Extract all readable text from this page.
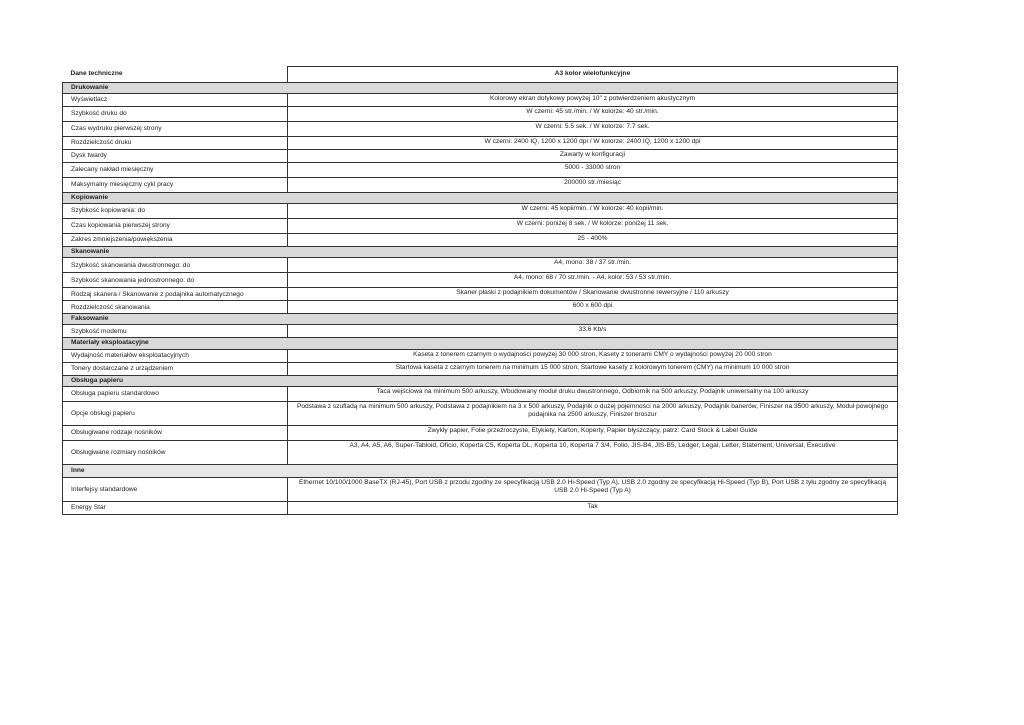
Dane techniczne	A3 kolor wielofunkcyjne
Drukowanie	
Wyświetlacz	Kolorowy ekran dotykowy powyżej 10" z potwierdzeniem akustycznym
Szybkość druku do	W czerni: 45 str./min. / W kolorze: 40 str./min.
Czas wydruku pierwszej strony	W czerni: 5.5 sek. / W kolorze: 7.7 sek.
Rozdzielczość druku	W czerni: 2400 IQ, 1200 x 1200 dpi / W kolorze: 2400 IQ, 1200 x 1200 dpi
Dysk twardy	Zawarty w konfiguracji
Zalecany nakład miesięczny	5000 - 33000 stron
Maksymalny miesięczny cykl pracy	200000 str./miesiąc
Kopiowanie	
Szybkość kopiowania: do	W czerni: 45 kopii/min. / W kolorze: 40 kopii/min.
Czas kopiowania pierwszej strony	W czerni: poniżej 8 sek. / W kolorze: poniżej 11 sek.
Zakres zmniejszenia/powiększenia	25 - 400%
Skanowanie	
Szybkość skanowania dwustronnego: do	A4, mono: 38 / 37 str./min.
Szybkość skanowania jednostronnego: do	A4, mono: 68 / 70 str./min. - A4, kolor: 53 / 53 str./min.
Rodzaj skanera / Skanowanie z podajnika automatycznego	Skaner płaski z podajnikiem dokumentów / Skanowanie dwustronne rewersyjne / 110 arkuszy
Rozdzielczość skanowania	600 x 600 dpi
Faksowanie	
Szybkość modemu	33.6 Kb/s
Materiały eksploatacyjne	
Wydajność materiałów eksploatacyjnych	Kaseta z tonerem czarnym o wydajności powyżej 30 000 stron, Kasety z tonerami CMY o wydajności powyżej 20 000 stron
Tonery dostarczane z urządzeniem	Startowa kaseta z czarnym tonerem na minimum 15 000 stron, Startowe kasety z kolorowym tonerem (CMY) na minimum 10 000 stron
Obsługa papieru	
Obsługa papieru standardowo	Taca wejściowa na minimum 500 arkuszy, Wbudowany moduł druku dwustronnego, Odbiornik na 500 arkuszy, Podajnik uniwersalny na 100 arkuszy
Opcje obsługi papieru	Podstawa z szufladą na minimum 500 arkuszy, Podstawa z podajnikiem na 3 x 500 arkuszy, Podajnik o dużej pojemności na 2000 arkuszy, Podajnik banerów, Finiszer na 3500 arkuszy, Moduł powojnego podajnika na 2500 arkuszy, Finiszer broszur
Obsługiwane rodzaje nośników	Zwykły papier, Folie przeźroczyste, Etykiety, Karton, Koperty, Papier błyszczący, patrz: Card Stock & Label Guide
Obsługiwane rozmiary nośników	A3, A4, A5, A6, Super-Tabloid, Oficio, Koperta C5, Koperta DL, Koperta 10, Koperta 7 3/4, Folio, JIS-B4, JIS-B5, Ledger, Legal, Letter, Statement, Universal, Executive
Inne	
Interfejsy standardowe	Ethernet 10/100/1000 BaseTX (RJ-45), Port USB z przodu zgodny ze specyfikacją USB 2.0 Hi-Speed (Typ A), USB 2.0 zgodny ze specyfikacją Hi-Speed (Typ B), Port USB z tyłu zgodny ze specyfikacją USB 2.0 Hi-Speed (Typ A)
Energy Star	Tak
